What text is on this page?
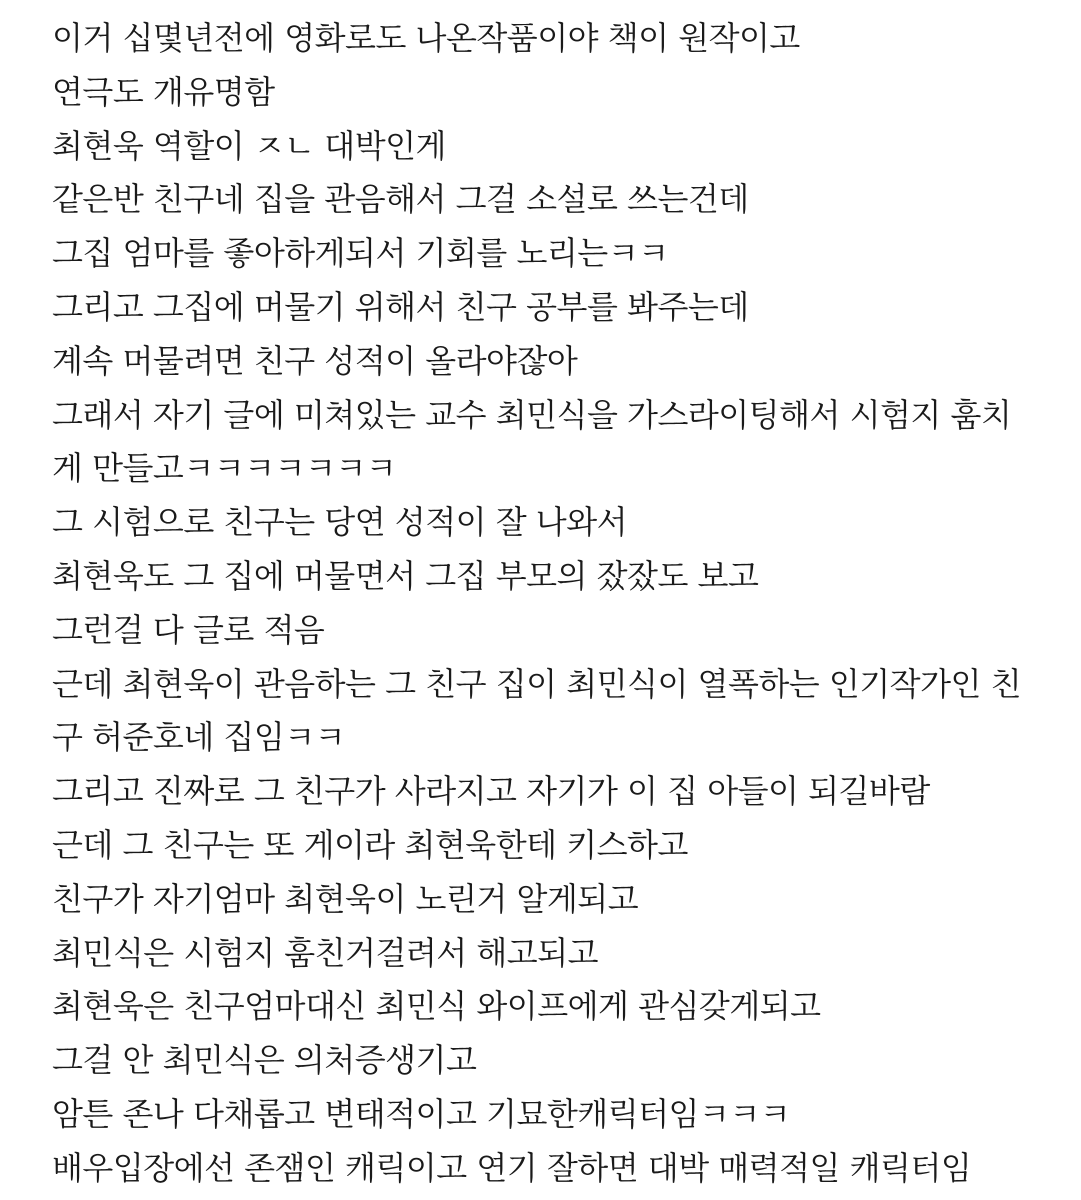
이거 십몇년전에 영화로도 나온작품이야 책이 원작이고
연극도 개유명함
최현욱 역할이 ㅈㄴ 대박인게
같은반 친구네 집을 관음해서 그걸 소설로 쓰는건데
그집 엄마를 좋아하게되서 기회를 노리는ㅋㅋ
그리고 그집에 머물기 위해서 친구 공부를 봐주는데
계속 머물려면 친구 성적이 올라야잖아
그래서 자기 글에 미쳐있는 교수 최민식을 가스라이팅해서 시험지 훔치
게 만들고ㅋㅋㅋㅋㅋㅋㅋ
그 시험으로 친구는 당연 성적이 잘 나와서
최현욱도 그 집에 머물면서 그집 부모의 잤잤도 보고
그런걸 다 글로 적음
근데 최현욱이 관음하는 그 친구 집이 최민식이 열폭하는 인기작가인 친
구 허준호네 집임ㅋㅋ
그리고 진짜로 그 친구가 사라지고 자기가 이 집 아들이 되길바람
근데 그 친구는 또 게이라 최현욱한테 키스하고
친구가 자기엄마 최현욱이 노린거 알게되고
최민식은 시험지 훔친거걸려서 해고되고
최현욱은 친구엄마대신 최민식 와이프에게 관심갖게되고
그걸 안 최민식은 의처증생기고
암튼 존나 다채롭고 변태적이고 기묘한캐릭터임ㅋㅋㅋ
배우입장에선 존잼인 캐릭이고 연기 잘하면 대박 매력적일 캐릭터임
